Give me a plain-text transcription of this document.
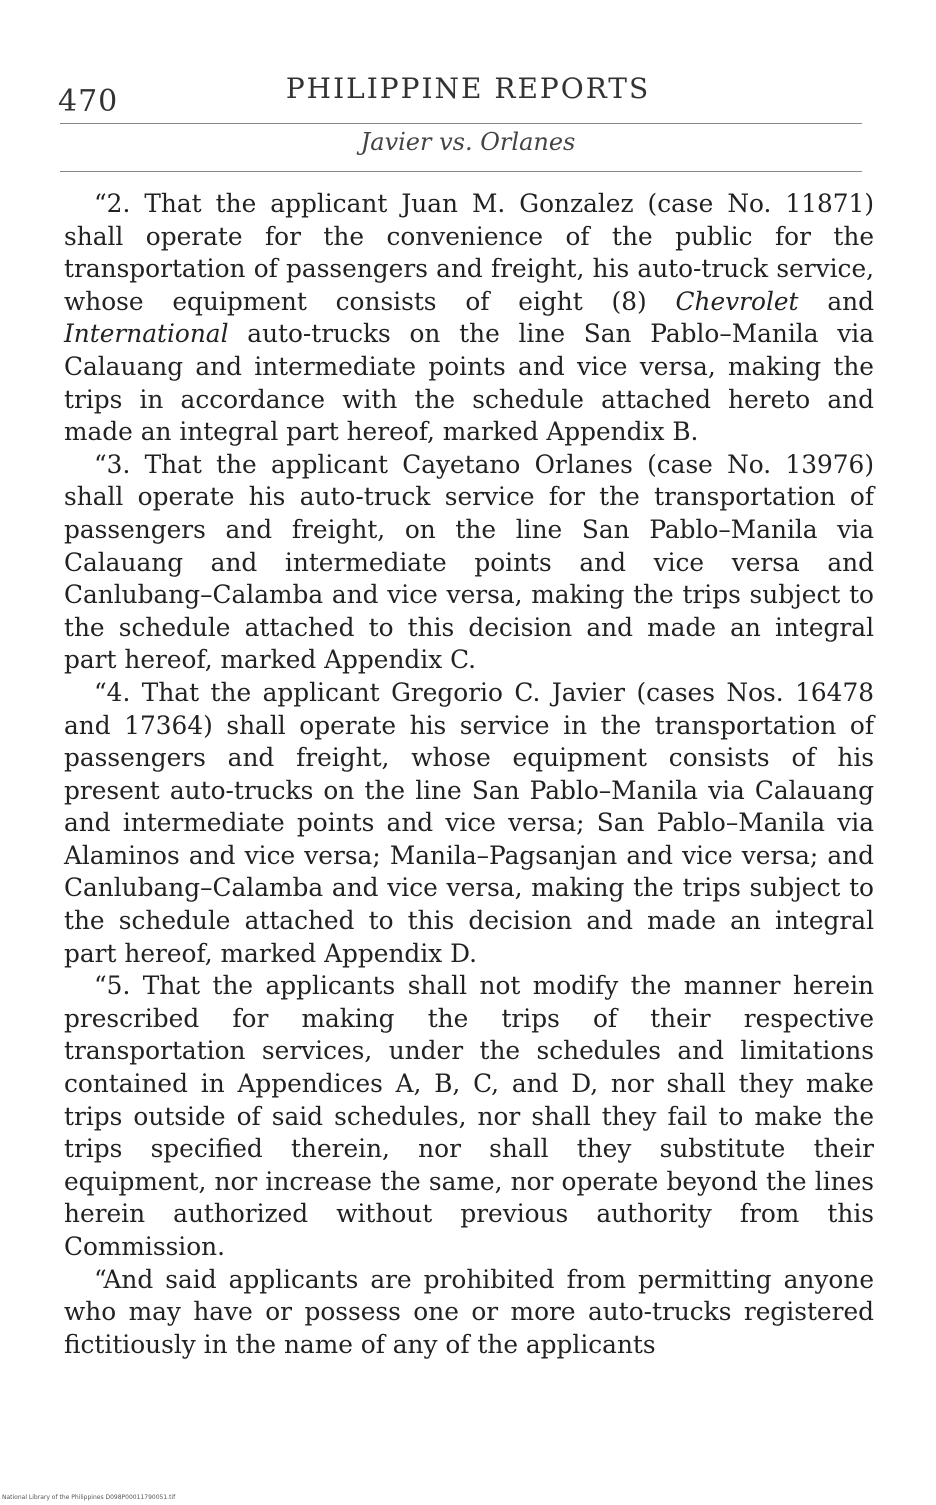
470	PHILIPPINE REPORTS
Javier vs. Orlanes

“2. That the applicant Juan M. Gonzalez (case No. 11871) shall operate for the convenience of the public for the transportation of passengers and freight, his auto-truck service, whose equipment consists of eight (8) Chevrolet and International auto-trucks on the line San Pablo–Manila via Calauang and intermediate points and vice versa, making the trips in accordance with the schedule attached hereto and made an integral part hereof, marked Appendix B.

“3. That the applicant Cayetano Orlanes (case No. 13976) shall operate his auto-truck service for the transportation of passengers and freight, on the line San Pablo–Manila via Calauang and intermediate points and vice versa and Canlubang–Calamba and vice versa, making the trips subject to the schedule attached to this decision and made an integral part hereof, marked Appendix C.

“4. That the applicant Gregorio C. Javier (cases Nos. 16478 and 17364) shall operate his service in the transportation of passengers and freight, whose equipment consists of his present auto-trucks on the line San Pablo–Manila via Calauang and intermediate points and vice versa; San Pablo–Manila via Alaminos and vice versa; Manila–Pagsanjan and vice versa; and Canlubang–Calamba and vice versa, making the trips subject to the schedule attached to this decision and made an integral part hereof, marked Appendix D.

“5. That the applicants shall not modify the manner herein prescribed for making the trips of their respective transportation services, under the schedules and limitations contained in Appendices A, B, C, and D, nor shall they make trips outside of said schedules, nor shall they fail to make the trips specified therein, nor shall they substitute their equipment, nor increase the same, nor operate beyond the lines herein authorized without previous authority from this Commission.

“And said applicants are prohibited from permitting anyone who may have or possess one or more auto-trucks registered fictitiously in the name of any of the applicants

National Library of the Philippines D098P00011790051.tif
